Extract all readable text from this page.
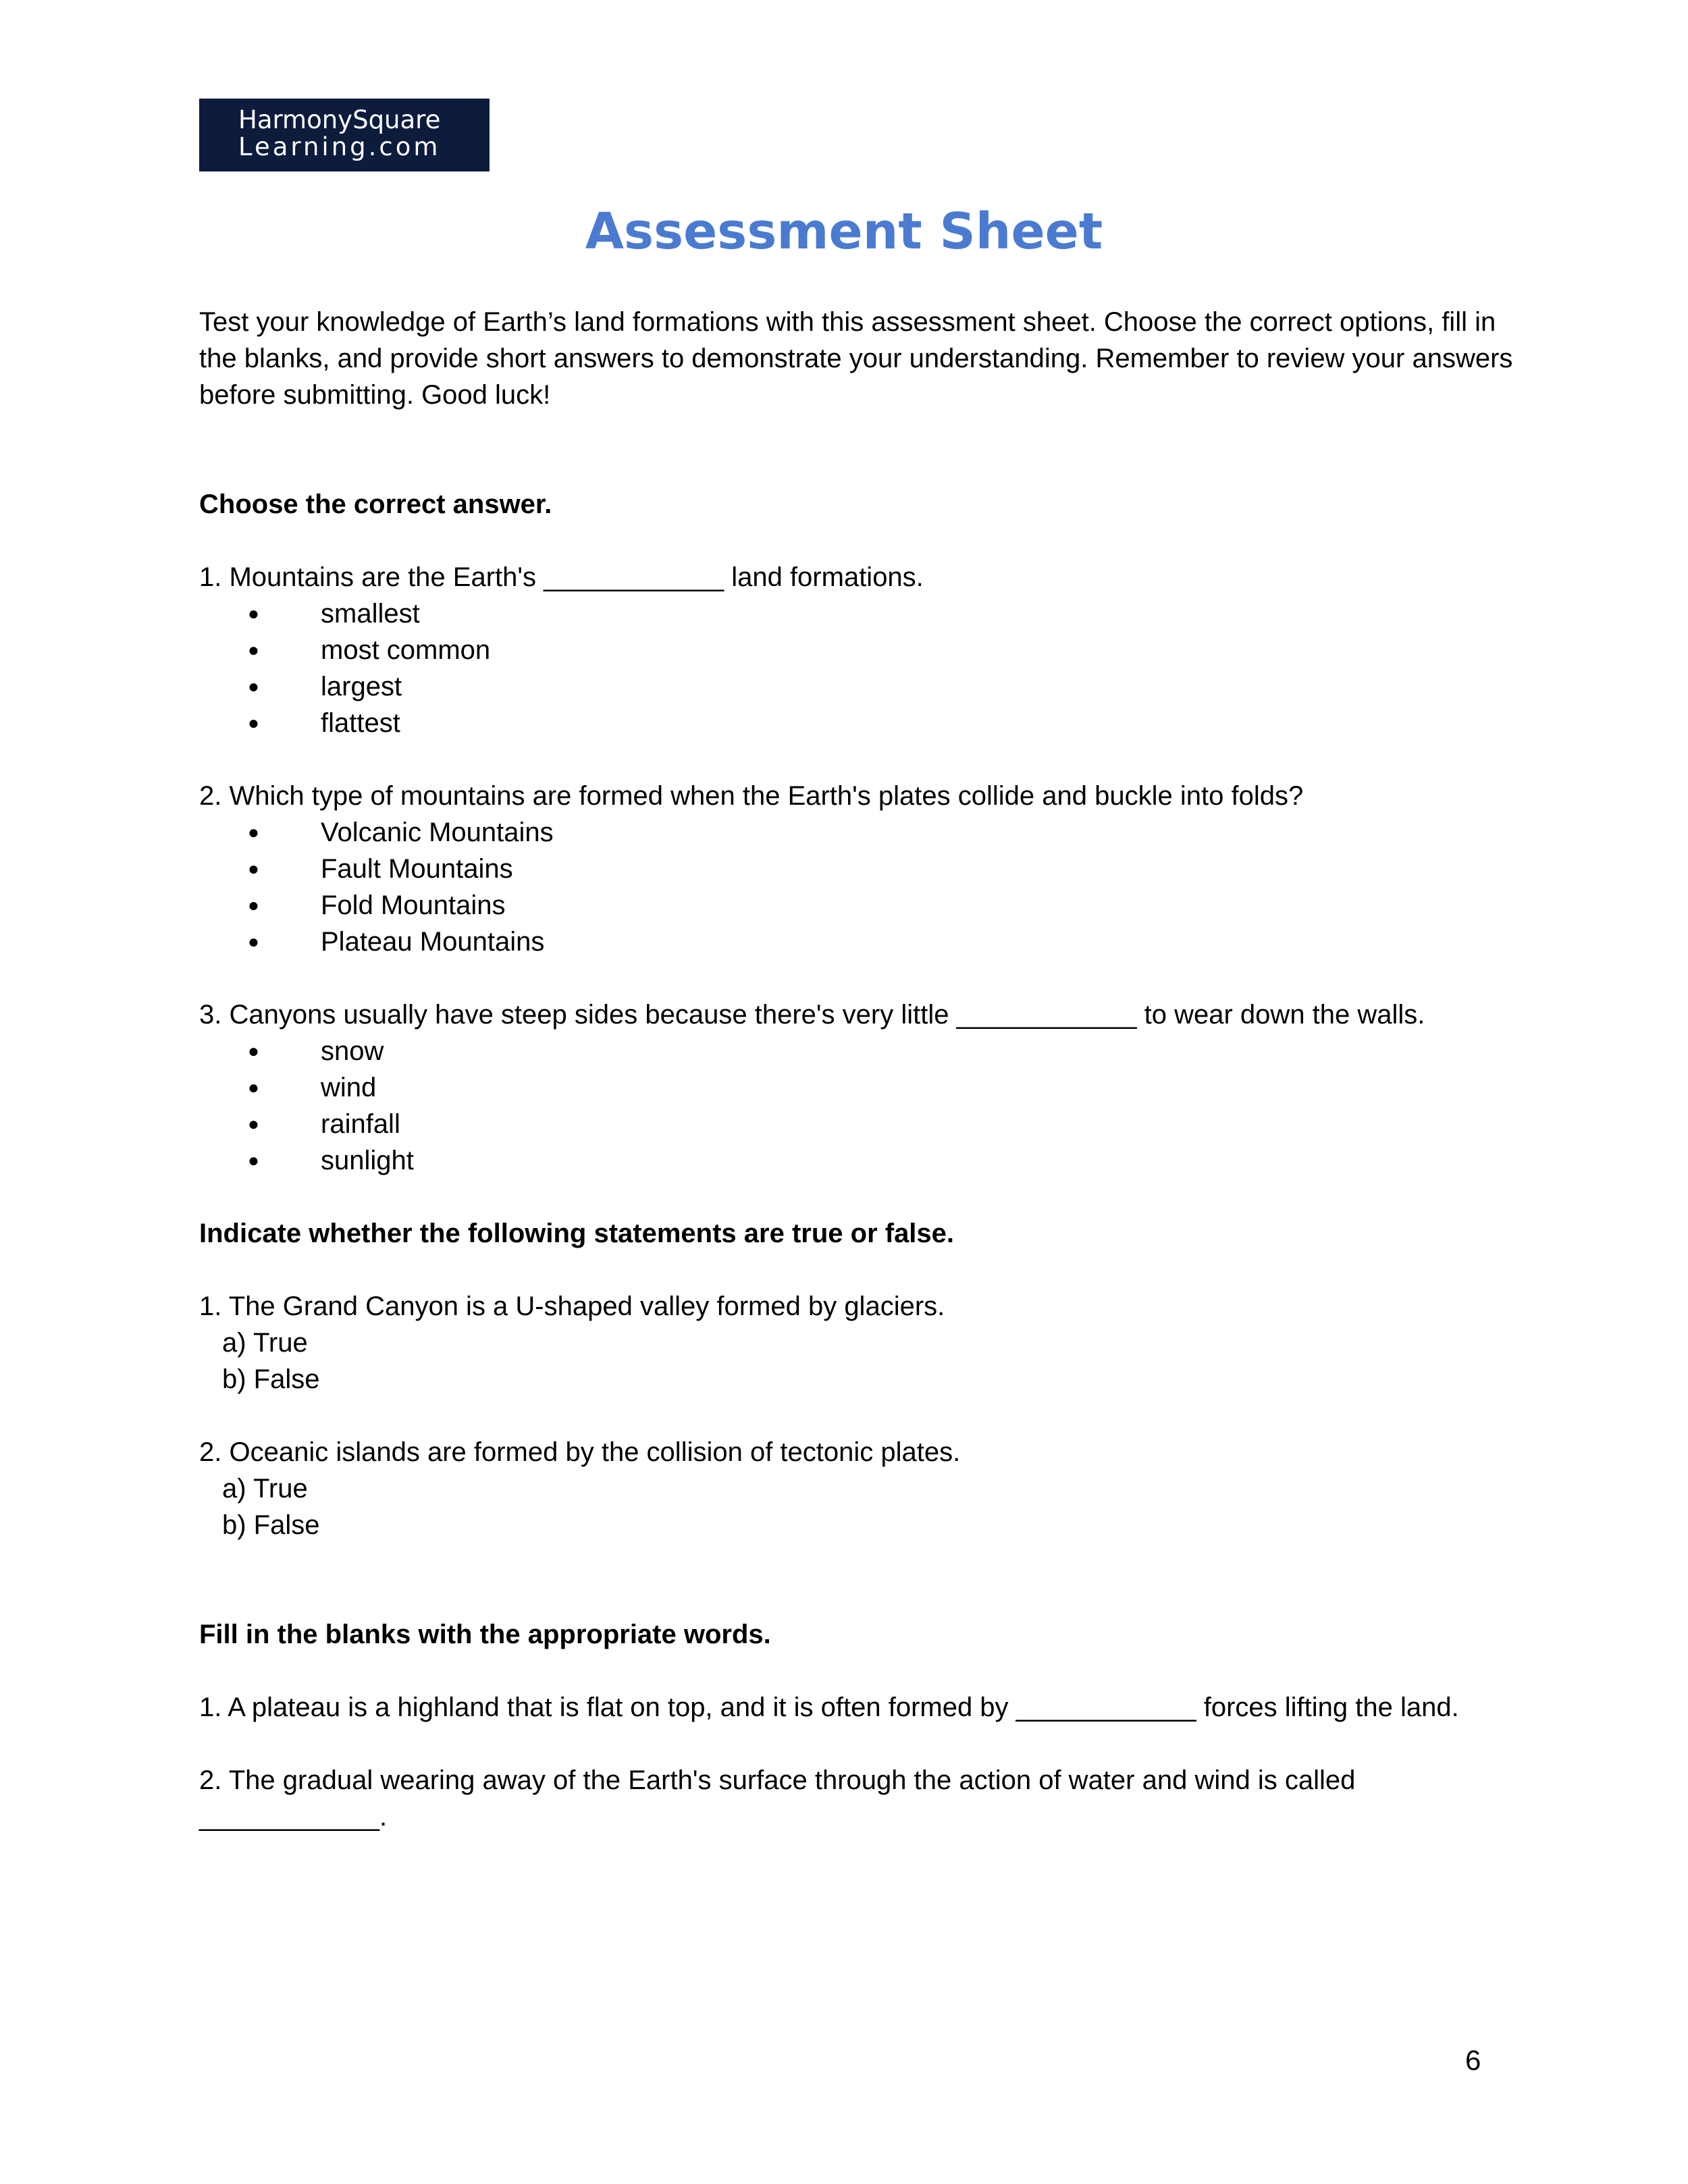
HarmonySquare
Learning.com
Assessment Sheet

Test your knowledge of Earth’s land formations with this assessment sheet. Choose the correct options, fill in the blanks, and provide short answers to demonstrate your understanding. Remember to review your answers before submitting. Good luck!

Choose the correct answer.

1. Mountains are the Earth's ____________ land formations.

● smallest
● most common
● largest
● flattest

2. Which type of mountains are formed when the Earth's plates collide and buckle into folds?

● Volcanic Mountains
● Fault Mountains
● Fold Mountains
● Plateau Mountains

3. Canyons usually have steep sides because there's very little ____________ to wear down the walls.

● snow
● wind
● rainfall
● sunlight

Indicate whether the following statements are true or false.

1. The Grand Canyon is a U-shaped valley formed by glaciers.

a) True

b) False

2. Oceanic islands are formed by the collision of tectonic plates.

a) True

b) False

Fill in the blanks with the appropriate words.

1. A plateau is a highland that is flat on top, and it is often formed by ____________ forces lifting the land.

2. The gradual wearing away of the Earth's surface through the action of water and wind is called ____________.

6
